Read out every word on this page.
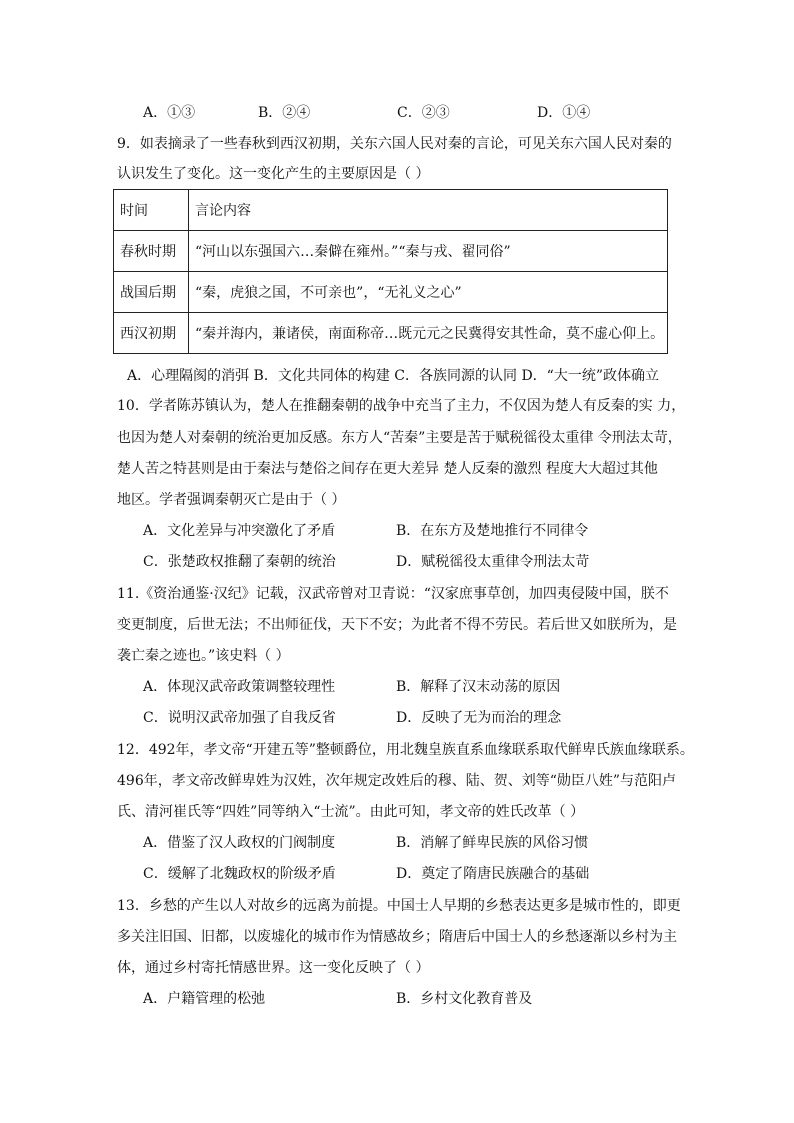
A．①③	B．②④	C．②③	D．①④
9．如表摘录了一些春秋到西汉初期，关东六国人民对秦的言论，可见关东六国人民对秦的
认识发生了变化。这一变化产生的主要原因是（ ）
时间	言论内容
春秋时期	“河山以东强国六…秦僻在雍州。”“秦与戎、翟同俗”
战国后期	“秦，虎狼之国，不可亲也”，“无礼义之心”
西汉初期	“秦并海内，兼诸侯，南面称帝…既元元之民冀得安其性命，莫不虚心仰上。
A．心理隔阂的消弭 B．文化共同体的构建 C．各族同源的认同 D．“大一统”政体确立
10．学者陈苏镇认为，楚人在推翻秦朝的战争中充当了主力，不仅因为楚人有反秦的实 力，
也因为楚人对秦朝的统治更加反感。东方人“苦秦”主要是苦于赋税徭役太重律 令刑法太苛，
楚人苦之特甚则是由于秦法与楚俗之间存在更大差异 楚人反秦的激烈 程度大大超过其他
地区。学者强调秦朝灭亡是由于（ ）
A．文化差异与冲突激化了矛盾	B．在东方及楚地推行不同律令
C．张楚政权推翻了秦朝的统治	D．赋税徭役太重律令刑法太苛
11.《资治通鉴·汉纪》记载，汉武帝曾对卫青说：“汉家庶事草创，加四夷侵陵中国，朕不
变更制度，后世无法；不出师征伐，天下不安；为此者不得不劳民。若后世又如朕所为，是
袭亡秦之迹也。”该史料（ ）
A．体现汉武帝政策调整较理性	B．解释了汉末动荡的原因
C．说明汉武帝加强了自我反省	D．反映了无为而治的理念
12．492年，孝文帝“开建五等”整顿爵位，用北魏皇族直系血缘联系取代鲜卑氏族血缘联系。
496年，孝文帝改鲜卑姓为汉姓，次年规定改姓后的穆、陆、贺、刘等“勋臣八姓”与范阳卢
氏、清河崔氏等“四姓”同等纳入“士流”。由此可知，孝文帝的姓氏改革（ ）
A．借鉴了汉人政权的门阀制度	B．消解了鲜卑民族的风俗习惯
C．缓解了北魏政权的阶级矛盾	D．奠定了隋唐民族融合的基础
13．乡愁的产生以人对故乡的远离为前提。中国士人早期的乡愁表达更多是城市性的，即更
多关注旧国、旧都，以废墟化的城市作为情感故乡；隋唐后中国士人的乡愁逐渐以乡村为主
体，通过乡村寄托情感世界。这一变化反映了（ ）
A．户籍管理的松弛	B．乡村文化教育普及
